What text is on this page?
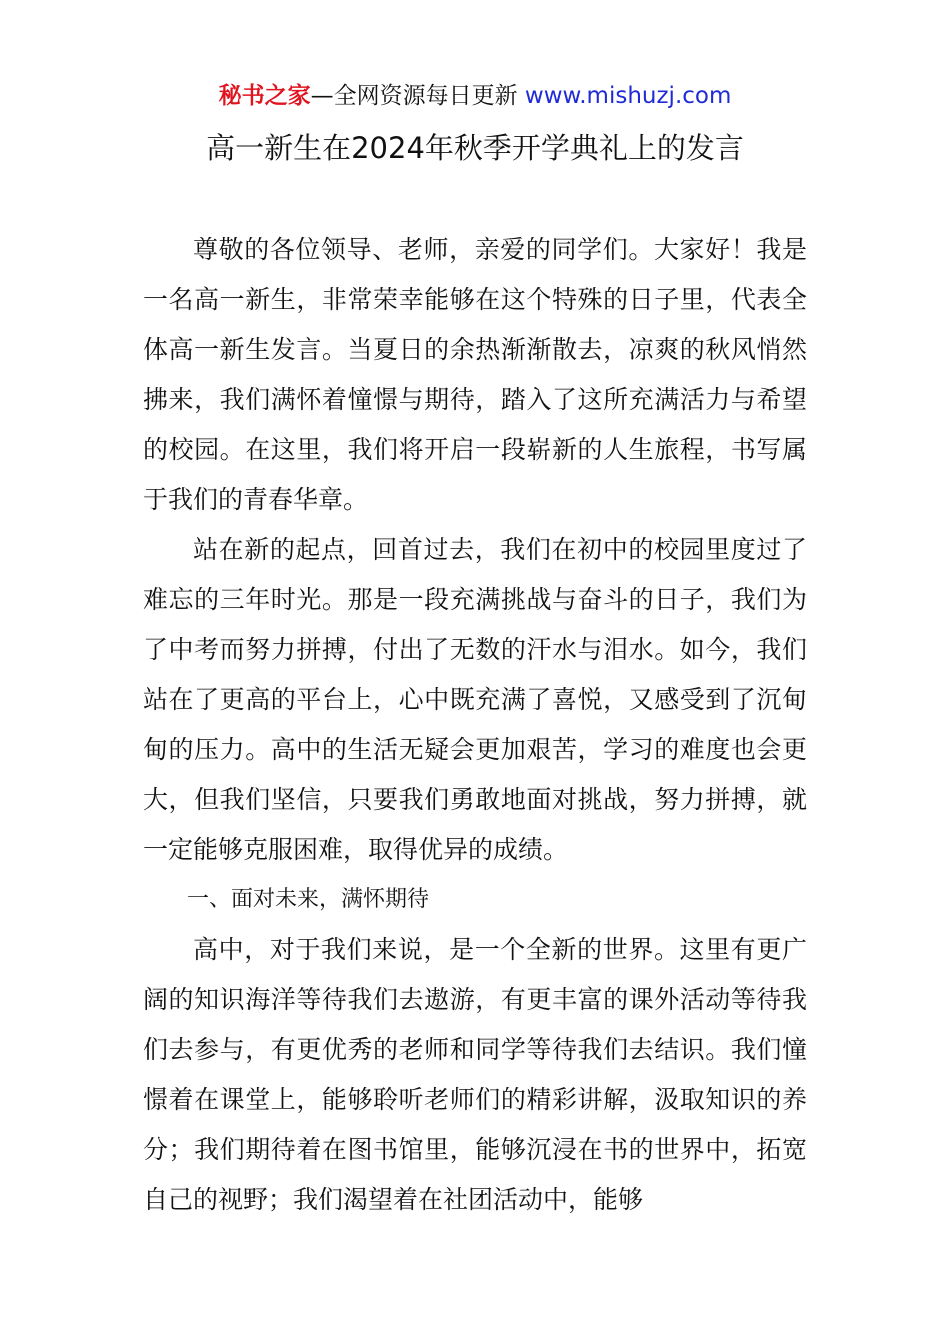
秘书之家—全网资源每日更新 www.mishuzj.com
高一新生在2024年秋季开学典礼上的发言

尊敬的各位领导、老师，亲爱的同学们。大家好！我是一名高一新生，非常荣幸能够在这个特殊的日子里，代表全体高一新生发言。当夏日的余热渐渐散去，凉爽的秋风悄然拂来，我们满怀着憧憬与期待，踏入了这所充满活力与希望的校园。在这里，我们将开启一段崭新的人生旅程，书写属于我们的青春华章。

站在新的起点，回首过去，我们在初中的校园里度过了难忘的三年时光。那是一段充满挑战与奋斗的日子，我们为了中考而努力拼搏，付出了无数的汗水与泪水。如今，我们站在了更高的平台上，心中既充满了喜悦，又感受到了沉甸甸的压力。高中的生活无疑会更加艰苦，学习的难度也会更大，但我们坚信，只要我们勇敢地面对挑战，努力拼搏，就一定能够克服困难，取得优异的成绩。

一、面对未来，满怀期待

高中，对于我们来说，是一个全新的世界。这里有更广阔的知识海洋等待我们去遨游，有更丰富的课外活动等待我们去参与，有更优秀的老师和同学等待我们去结识。我们憧憬着在课堂上，能够聆听老师们的精彩讲解，汲取知识的养分；我们期待着在图书馆里，能够沉浸在书的世界中，拓宽自己的视野；我们渴望着在社团活动中，能够
